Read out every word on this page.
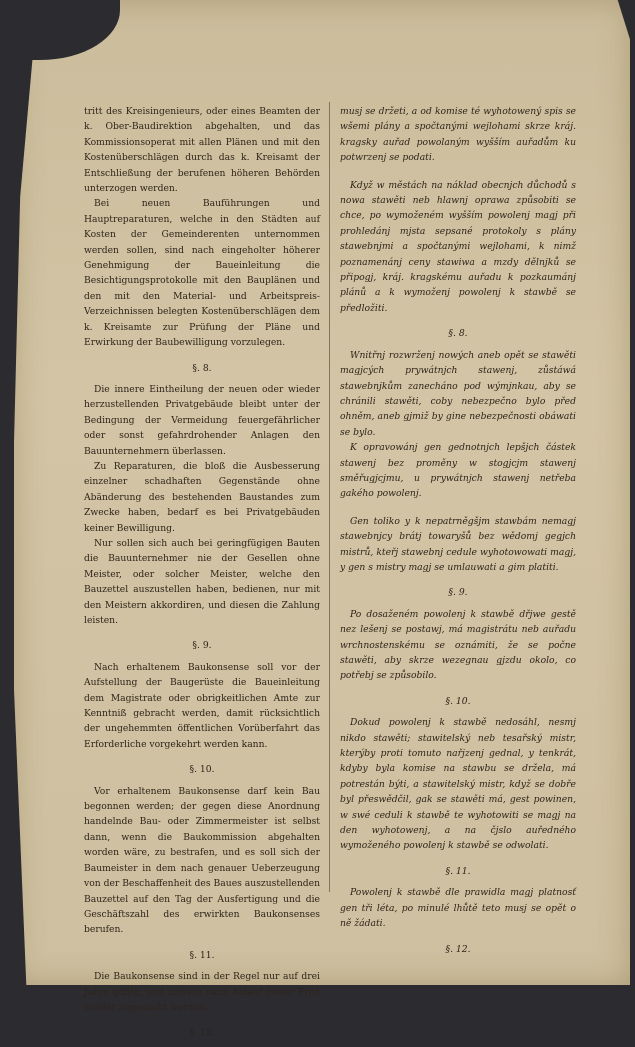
tritt des Kreisingenieurs, oder eines Beamten der k. Ober-Baudirektion abgehalten, und das Kommissionsoperat mit allen Plänen und mit den Kostenüberschlägen durch das k. Kreisamt der Entschließung der berufenen höheren Behörden unterzogen werden.

Bei neuen Bauführungen und Hauptreparaturen, welche in den Städten auf Kosten der Gemeinderenten unternommen werden sollen, sind nach eingeholter höherer Genehmigung der Baueinleitung die Besichtigungsprotokolle mit den Bauplänen und den mit den Material- und Arbeitspreis-Verzeichnissen belegten Kostenüberschlägen dem k. Kreisamte zur Prüfung der Pläne und Erwirkung der Baubewilligung vorzulegen.

§. 8.

Die innere Eintheilung der neuen oder wieder herzustellenden Privatgebäude bleibt unter der Bedingung der Vermeidung feuergefährlicher oder sonst gefahrdrohender Anlagen den Bauunternehmern überlassen.

Zu Reparaturen, die bloß die Ausbesserung einzelner schadhaften Gegenstände ohne Abänderung des bestehenden Baustandes zum Zwecke haben, bedarf es bei Privatgebäuden keiner Bewilligung.

Nur sollen sich auch bei geringfügigen Bauten die Bauunternehmer nie der Gesellen ohne Meister, oder solcher Meister, welche den Bauzettel auszustellen haben, bedienen, nur mit den Meistern akkordiren, und diesen die Zahlung leisten.

§. 9.

Nach erhaltenem Baukonsense soll vor der Aufstellung der Baugerüste die Baueinleitung dem Magistrate oder obrigkeitlichen Amte zur Kenntniß gebracht werden, damit rücksichtlich der ungehemmten öffentlichen Vorüberfahrt das Erforderliche vorgekehrt werden kann.

§. 10.

Vor erhaltenem Baukonsense darf kein Bau begonnen werden; der gegen diese Anordnung handelnde Bau- oder Zimmermeister ist selbst dann, wenn die Baukommission abgehalten worden wäre, zu bestrafen, und es soll sich der Baumeister in dem nach genauer Ueberzeugung von der Beschaffenheit des Baues auszustellenden Bauzettel auf den Tag der Ausfertigung und die Geschäftszahl des erwirkten Baukonsenses berufen.

§. 11.

Die Baukonsense sind in der Regel nur auf drei Jahre gültig, und müssen nach Ablauf dieser Frist wieder angesucht werden.

§. 12.

musj se držeti, a od komise té wyhotowený spis se wšemi plány a spočtanými wejlohami skrze kráj. kragsky auřad powolaným wyšším auřadům ku potwrzenj se podati.

Když w městách na náklad obecnjch důchodů s nowa stawěti neb hlawnj oprawa způsobiti se chce, po wymoženém wyšším powolenj magj při prohledánj mjsta sepsané protokoly s plány stawebnjmi a spočtanými wejlohami, k nimž poznamenánj ceny stawiwa a mzdy dělnjků se připogj, kráj. kragskému auřadu k pozkaumánj plánů a k wymoženj powolenj k stawbě se předložiti.

§. 8.

Wnitřnj rozwrženj nowých aneb opět se stawěti magjcých prywátnjch stawenj, zůstáwá stawebnjkům zanecháno pod wýmjnkau, aby se chránili stawěti, coby nebezpečno bylo před ohněm, aneb gjmiž by gine nebezpečnosti obáwati se bylo.

K opravowánj gen gednotnjch lepšjch částek stawenj bez proměny w stogjcjm stawenj směřugjcjmu, u prywátnjch stawenj netřeba gakého powolenj.

Gen toliko y k nepatrněgšjm stawbám nemagj stawebnjcy brátj towaryšů bez wědomj gegjch mistrů, kteřj stawebnj cedule wyhotowowati magj, y gen s mistry magj se umlauwati a gim platiti.

§. 9.

Po dosaženém powolenj k stawbě dřjwe gestě nez lešenj se postawj, má magistrátu neb auřadu wrchnostenskému se oznámiti, že se počne stawěti, aby skrze wezegnau gjzdu okolo, co potřebj se způsobilo.

§. 10.

Dokud powolenj k stawbě nedosáhl, nesmj nikdo stawěti; stawitelský neb tesařský mistr, kterýby proti tomuto nařjzenj gednal, y tenkrát, kdyby byla komise na stawbu se držela, má potrestán býti, a stawitelský mistr, když se dobře byl přeswědčil, gak se stawěti má, gest powinen, w swé ceduli k stawbě te wyhotowiti se magj na den wyhotowenj, a na čjslo auředného wymoženého powolenj k stawbě se odwolati.

§. 11.

Powolenj k stawbě dle prawidla magj platnosť gen tři léta, po minulé lhůtě teto musj se opět o ně žádati.

§. 12.
